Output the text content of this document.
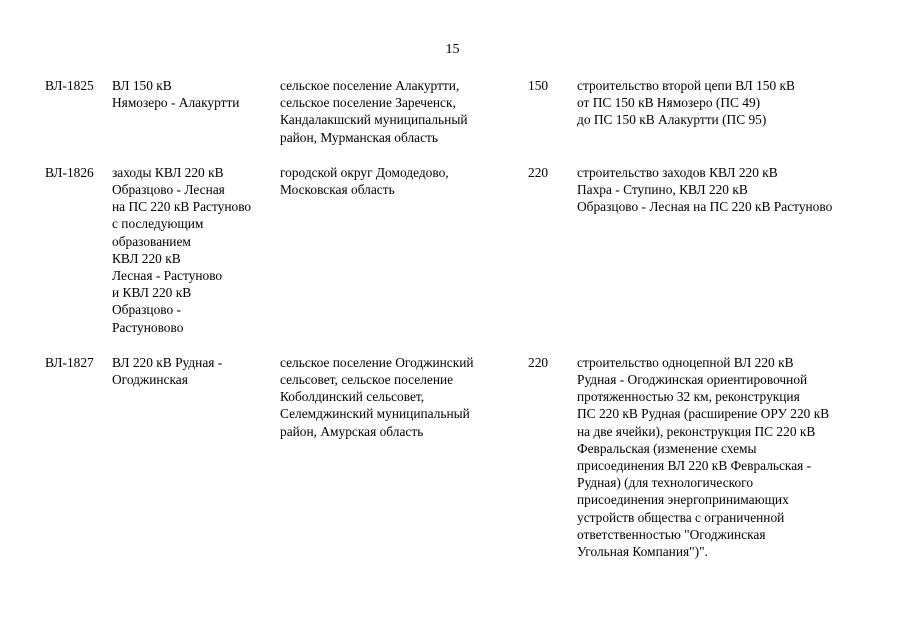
15
ВЛ-1825 ВЛ 150 кВ
Нямозеро - Алакуртти
сельское поселение Алакуртти,
сельское поселение Зареченск,
Кандалакшский муниципальный
район, Мурманская область
150 строительство второй цепи ВЛ 150 кВ
от ПС 150 кВ Нямозеро (ПС 49)
до ПС 150 кВ Алакуртти (ПС 95)
ВЛ-1826 заходы КВЛ 220 кВ
Образцово - Лесная
на ПС 220 кВ Растуново
с последующим
образованием
КВЛ 220 кВ
Лесная - Растуново
и КВЛ 220 кВ
Образцово -
Растуновово
городской округ Домодедово,
Московская область
220 строительство заходов КВЛ 220 кВ
Пахра - Ступино, КВЛ 220 кВ
Образцово - Лесная на ПС 220 кВ Растуново
ВЛ-1827 ВЛ 220 кВ Рудная -
Огоджинская
сельское поселение Огоджинский
сельсовет, сельское поселение
Коболдинский сельсовет,
Селемджинский муниципальный
район, Амурская область
220 строительство одноцепной ВЛ 220 кВ
Рудная - Огоджинская ориентировочной
протяженностью 32 км, реконструкция
ПС 220 кВ Рудная (расширение ОРУ 220 кВ
на две ячейки), реконструкция ПС 220 кВ
Февральская (изменение схемы
присоединения ВЛ 220 кВ Февральская -
Рудная) (для технологического
присоединения энергопринимающих
устройств общества с ограниченной
ответственностью "Огоджинская
Угольная Компания")".
